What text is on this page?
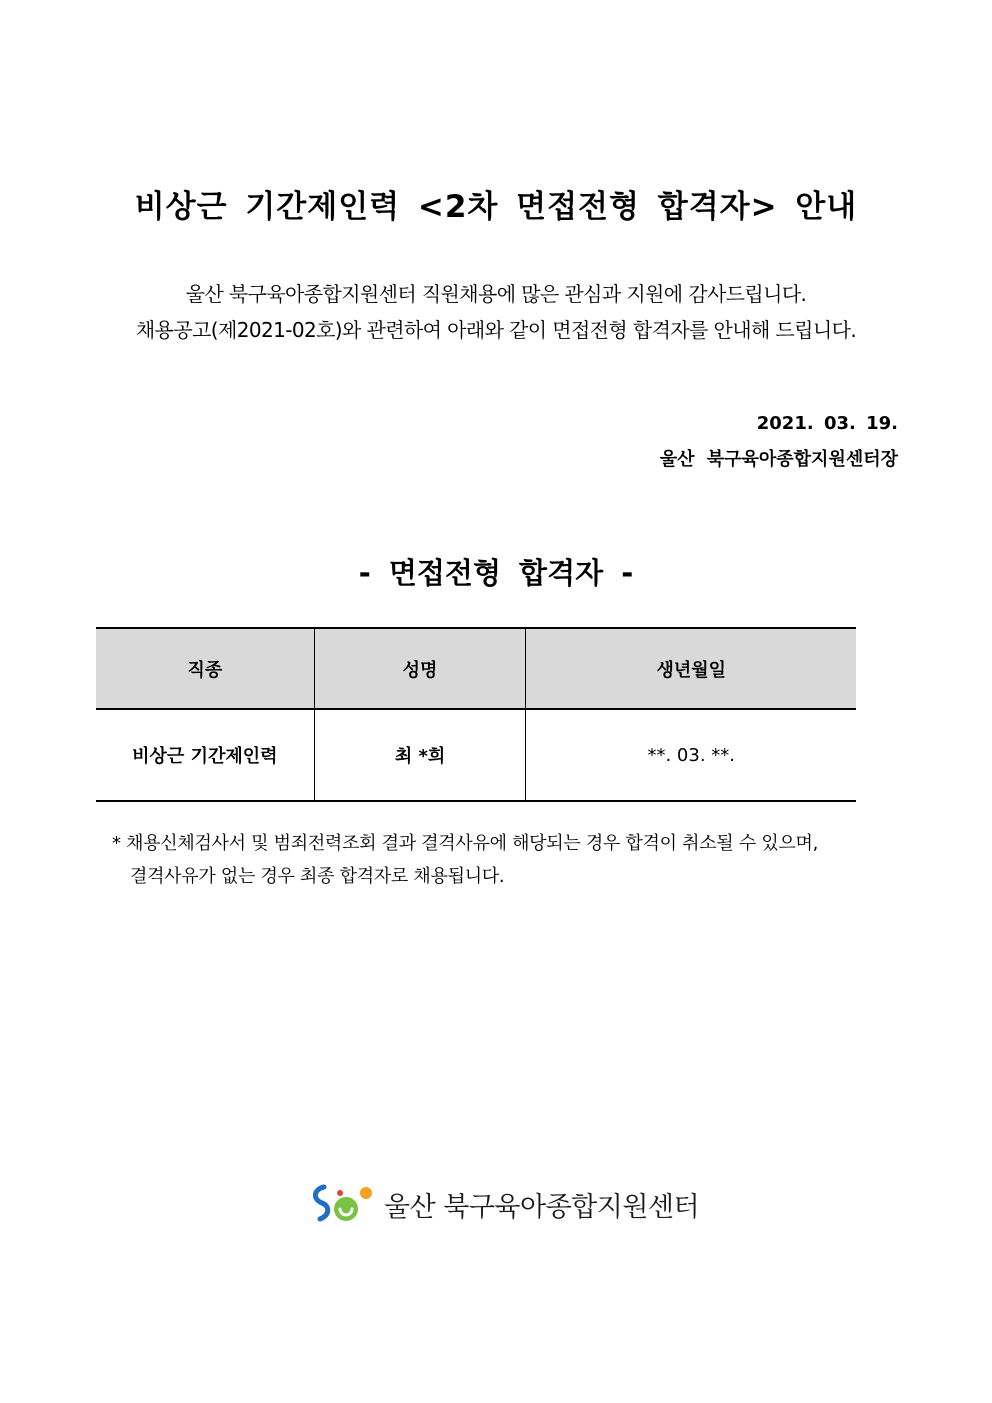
비상근 기간제인력 <2차 면접전형 합격자> 안내
울산 북구육아종합지원센터 직원채용에 많은 관심과 지원에 감사드립니다.
채용공고(제2021-02호)와 관련하여 아래와 같이 면접전형 합격자를 안내해 드립니다.
2021. 03. 19.
울산 북구육아종합지원센터장
- 면접전형 합격자 -
직종	성명	생년월일
비상근 기간제인력	최 *희	**. 03. **.
* 채용신체검사서 및 범죄전력조회 결과 결격사유에 해당되는 경우 합격이 취소될 수 있으며,
결격사유가 없는 경우 최종 합격자로 채용됩니다.
울산 북구육아종합지원센터
